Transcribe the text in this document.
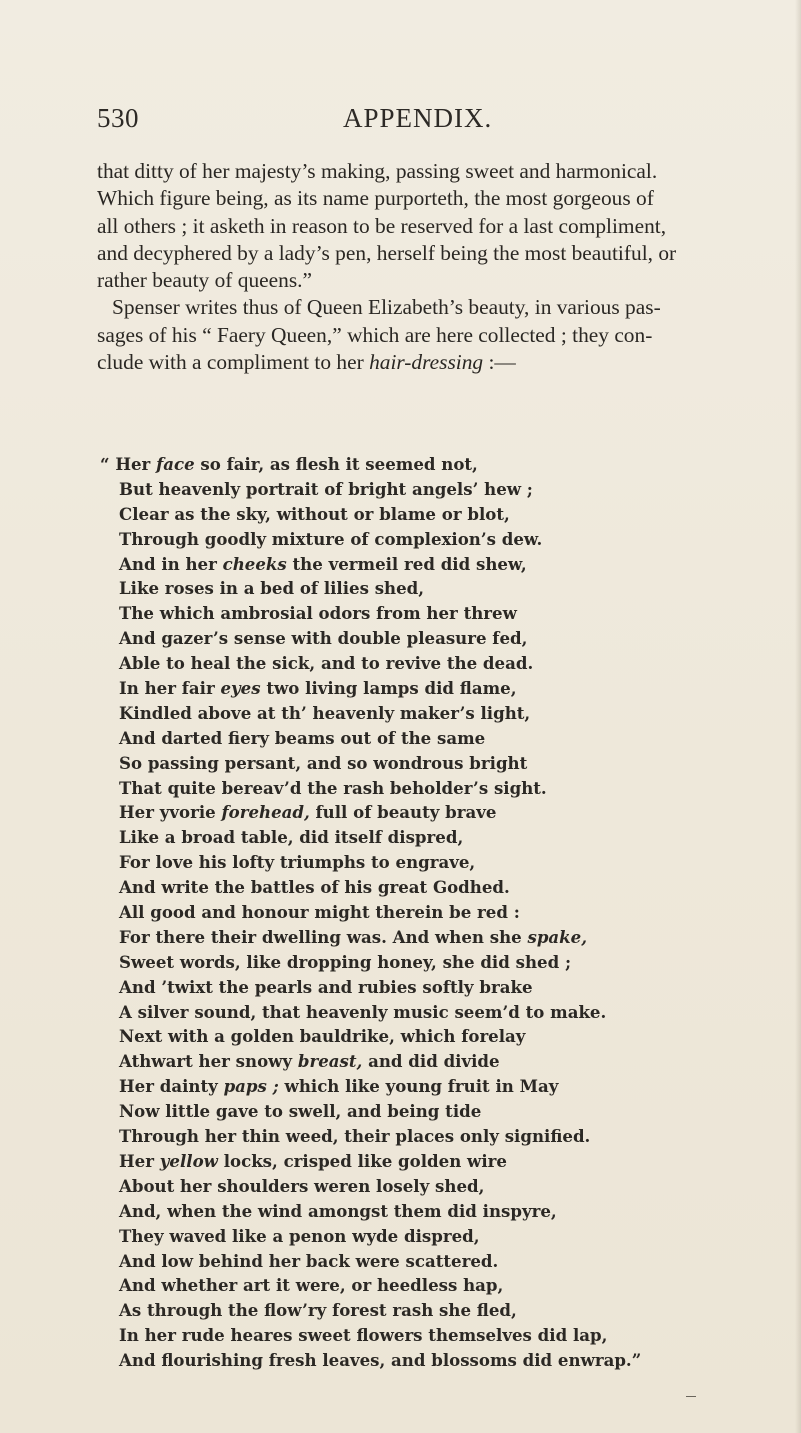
530	APPENDIX.
that ditty of her majesty’s making, passing sweet and harmonical.
Which figure being, as its name purporteth, the most gorgeous of
all others ; it asketh in reason to be reserved for a last compliment,
and decyphered by a lady’s pen, herself being the most beautiful, or
rather beauty of queens.”
Spenser writes thus of Queen Elizabeth’s beauty, in various pas-
sages of his “ Faery Queen,” which are here collected ; they con-
clude with a compliment to her hair-dressing :—
“ Her face so fair, as flesh it seemed not,
But heavenly portrait of bright angels’ hew ;
Clear as the sky, without or blame or blot,
Through goodly mixture of complexion’s dew.
And in her cheeks the vermeil red did shew,
Like roses in a bed of lilies shed,
The which ambrosial odors from her threw
And gazer’s sense with double pleasure fed,
Able to heal the sick, and to revive the dead.
In her fair eyes two living lamps did flame,
Kindled above at th’ heavenly maker’s light,
And darted fiery beams out of the same
So passing persant, and so wondrous bright
That quite bereav’d the rash beholder’s sight.
Her yvorie forehead, full of beauty brave
Like a broad table, did itself dispred,
For love his lofty triumphs to engrave,
And write the battles of his great Godhed.
All good and honour might therein be red :
For there their dwelling was. And when she spake,
Sweet words, like dropping honey, she did shed ;
And ’twixt the pearls and rubies softly brake
A silver sound, that heavenly music seem’d to make.
Next with a golden bauldrike, which forelay
Athwart her snowy breast, and did divide
Her dainty paps ; which like young fruit in May
Now little gave to swell, and being tide
Through her thin weed, their places only signified.
Her yellow locks, crisped like golden wire
About her shoulders weren losely shed,
And, when the wind amongst them did inspyre,
They waved like a penon wyde dispred,
And low behind her back were scattered.
And whether art it were, or heedless hap,
As through the flow’ry forest rash she fled,
In her rude heares sweet flowers themselves did lap,
And flourishing fresh leaves, and blossoms did enwrap.”
